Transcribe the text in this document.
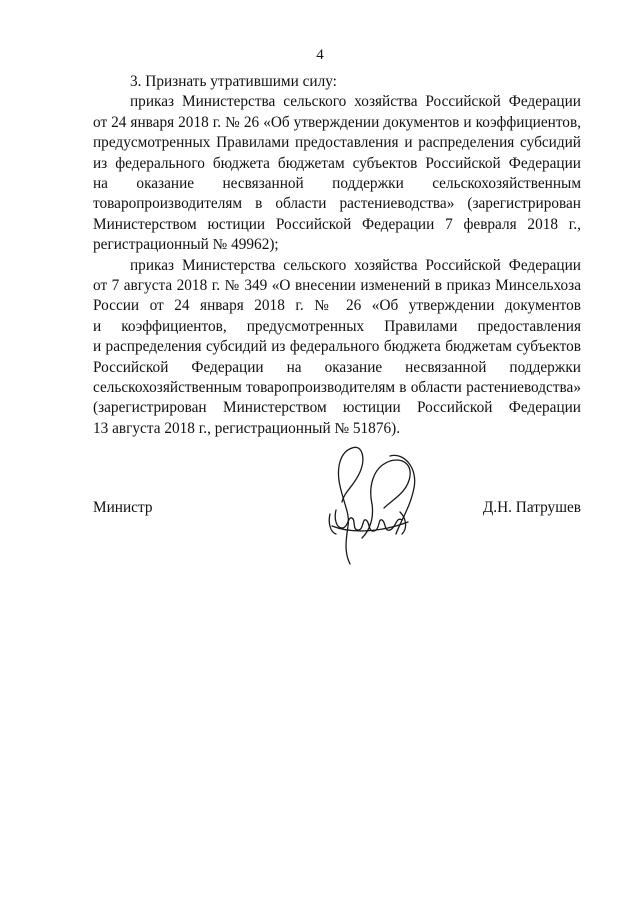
4
3. Признать утратившими силу:
приказ Министерства сельского хозяйства Российской Федерации
от 24 января 2018 г. № 26 «Об утверждении документов и коэффициентов,
предусмотренных Правилами предоставления и распределения субсидий
из федерального бюджета бюджетам субъектов Российской Федерации
на оказание несвязанной поддержки сельскохозяйственным
товаропроизводителям в области растениеводства» (зарегистрирован
Министерством юстиции Российской Федерации 7 февраля 2018 г.,
регистрационный № 49962);
приказ Министерства сельского хозяйства Российской Федерации
от 7 августа 2018 г. № 349 «О внесении изменений в приказ Минсельхоза
России от 24 января 2018 г. № 26 «Об утверждении документов
и коэффициентов, предусмотренных Правилами предоставления
и распределения субсидий из федерального бюджета бюджетам субъектов
Российской Федерации на оказание несвязанной поддержки
сельскохозяйственным товаропроизводителям в области растениеводства»
(зарегистрирован Министерством юстиции Российской Федерации
13 августа 2018 г., регистрационный № 51876).
Министр	Д.Н. Патрушев
